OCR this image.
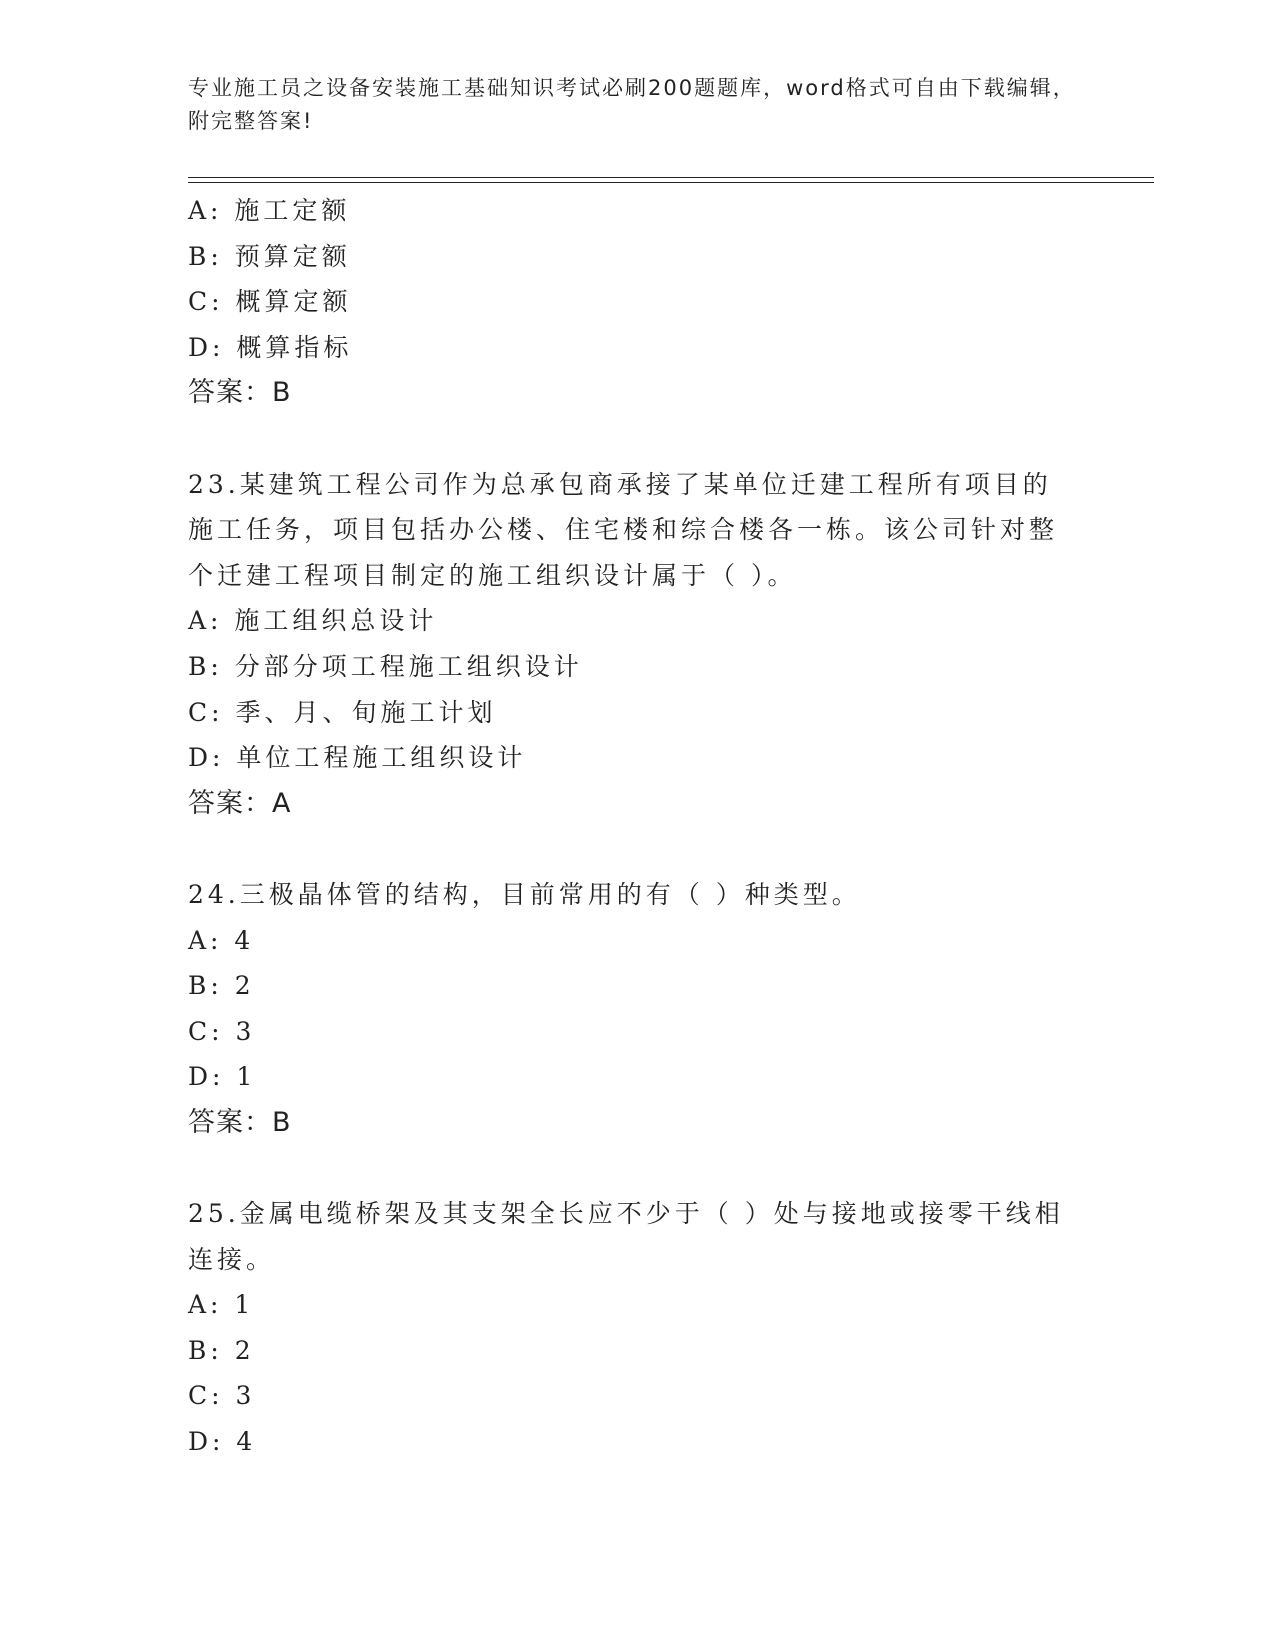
专业施工员之设备安装施工基础知识考试必刷200题题库，word格式可自由下载编辑，附完整答案!
A: 施工定额
B: 预算定额
C: 概算定额
D: 概算指标
答案：B
23.某建筑工程公司作为总承包商承接了某单位迁建工程所有项目的施工任务，项目包括办公楼、住宅楼和综合楼各一栋。该公司针对整个迁建工程项目制定的施工组织设计属于（ ）。
A: 施工组织总设计
B: 分部分项工程施工组织设计
C: 季、月、旬施工计划
D: 单位工程施工组织设计
答案：A
24.三极晶体管的结构，目前常用的有（ ）种类型。
A: 4
B: 2
C: 3
D: 1
答案：B
25.金属电缆桥架及其支架全长应不少于（ ）处与接地或接零干线相连接。
A: 1
B: 2
C: 3
D: 4
